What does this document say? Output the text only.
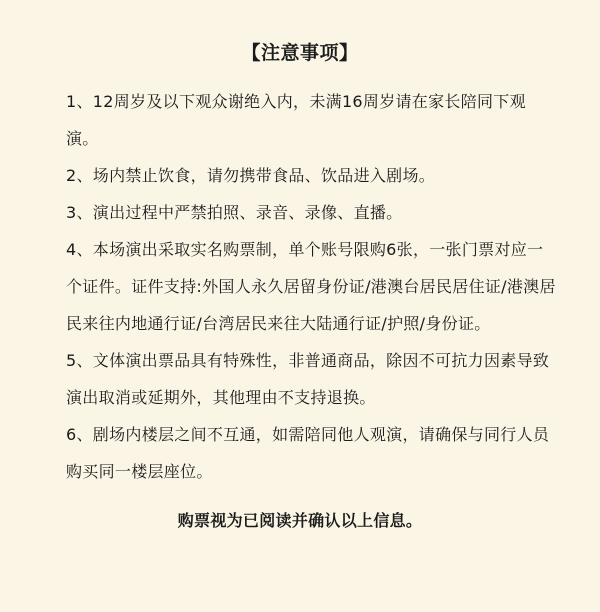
【注意事项】

1、12周岁及以下观众谢绝入内，未满16周岁请在家长陪同下观演。

2、场内禁止饮食，请勿携带食品、饮品进入剧场。

3、演出过程中严禁拍照、录音、录像、直播。

4、本场演出采取实名购票制，单个账号限购6张，一张门票对应一个证件。证件支持:外国人永久居留身份证/港澳台居民居住证/港澳居民来往内地通行证/台湾居民来往大陆通行证/护照/身份证。

5、文体演出票品具有特殊性，非普通商品，除因不可抗力因素导致演出取消或延期外，其他理由不支持退换。

6、剧场内楼层之间不互通，如需陪同他人观演，请确保与同行人员购买同一楼层座位。

购票视为已阅读并确认以上信息。
